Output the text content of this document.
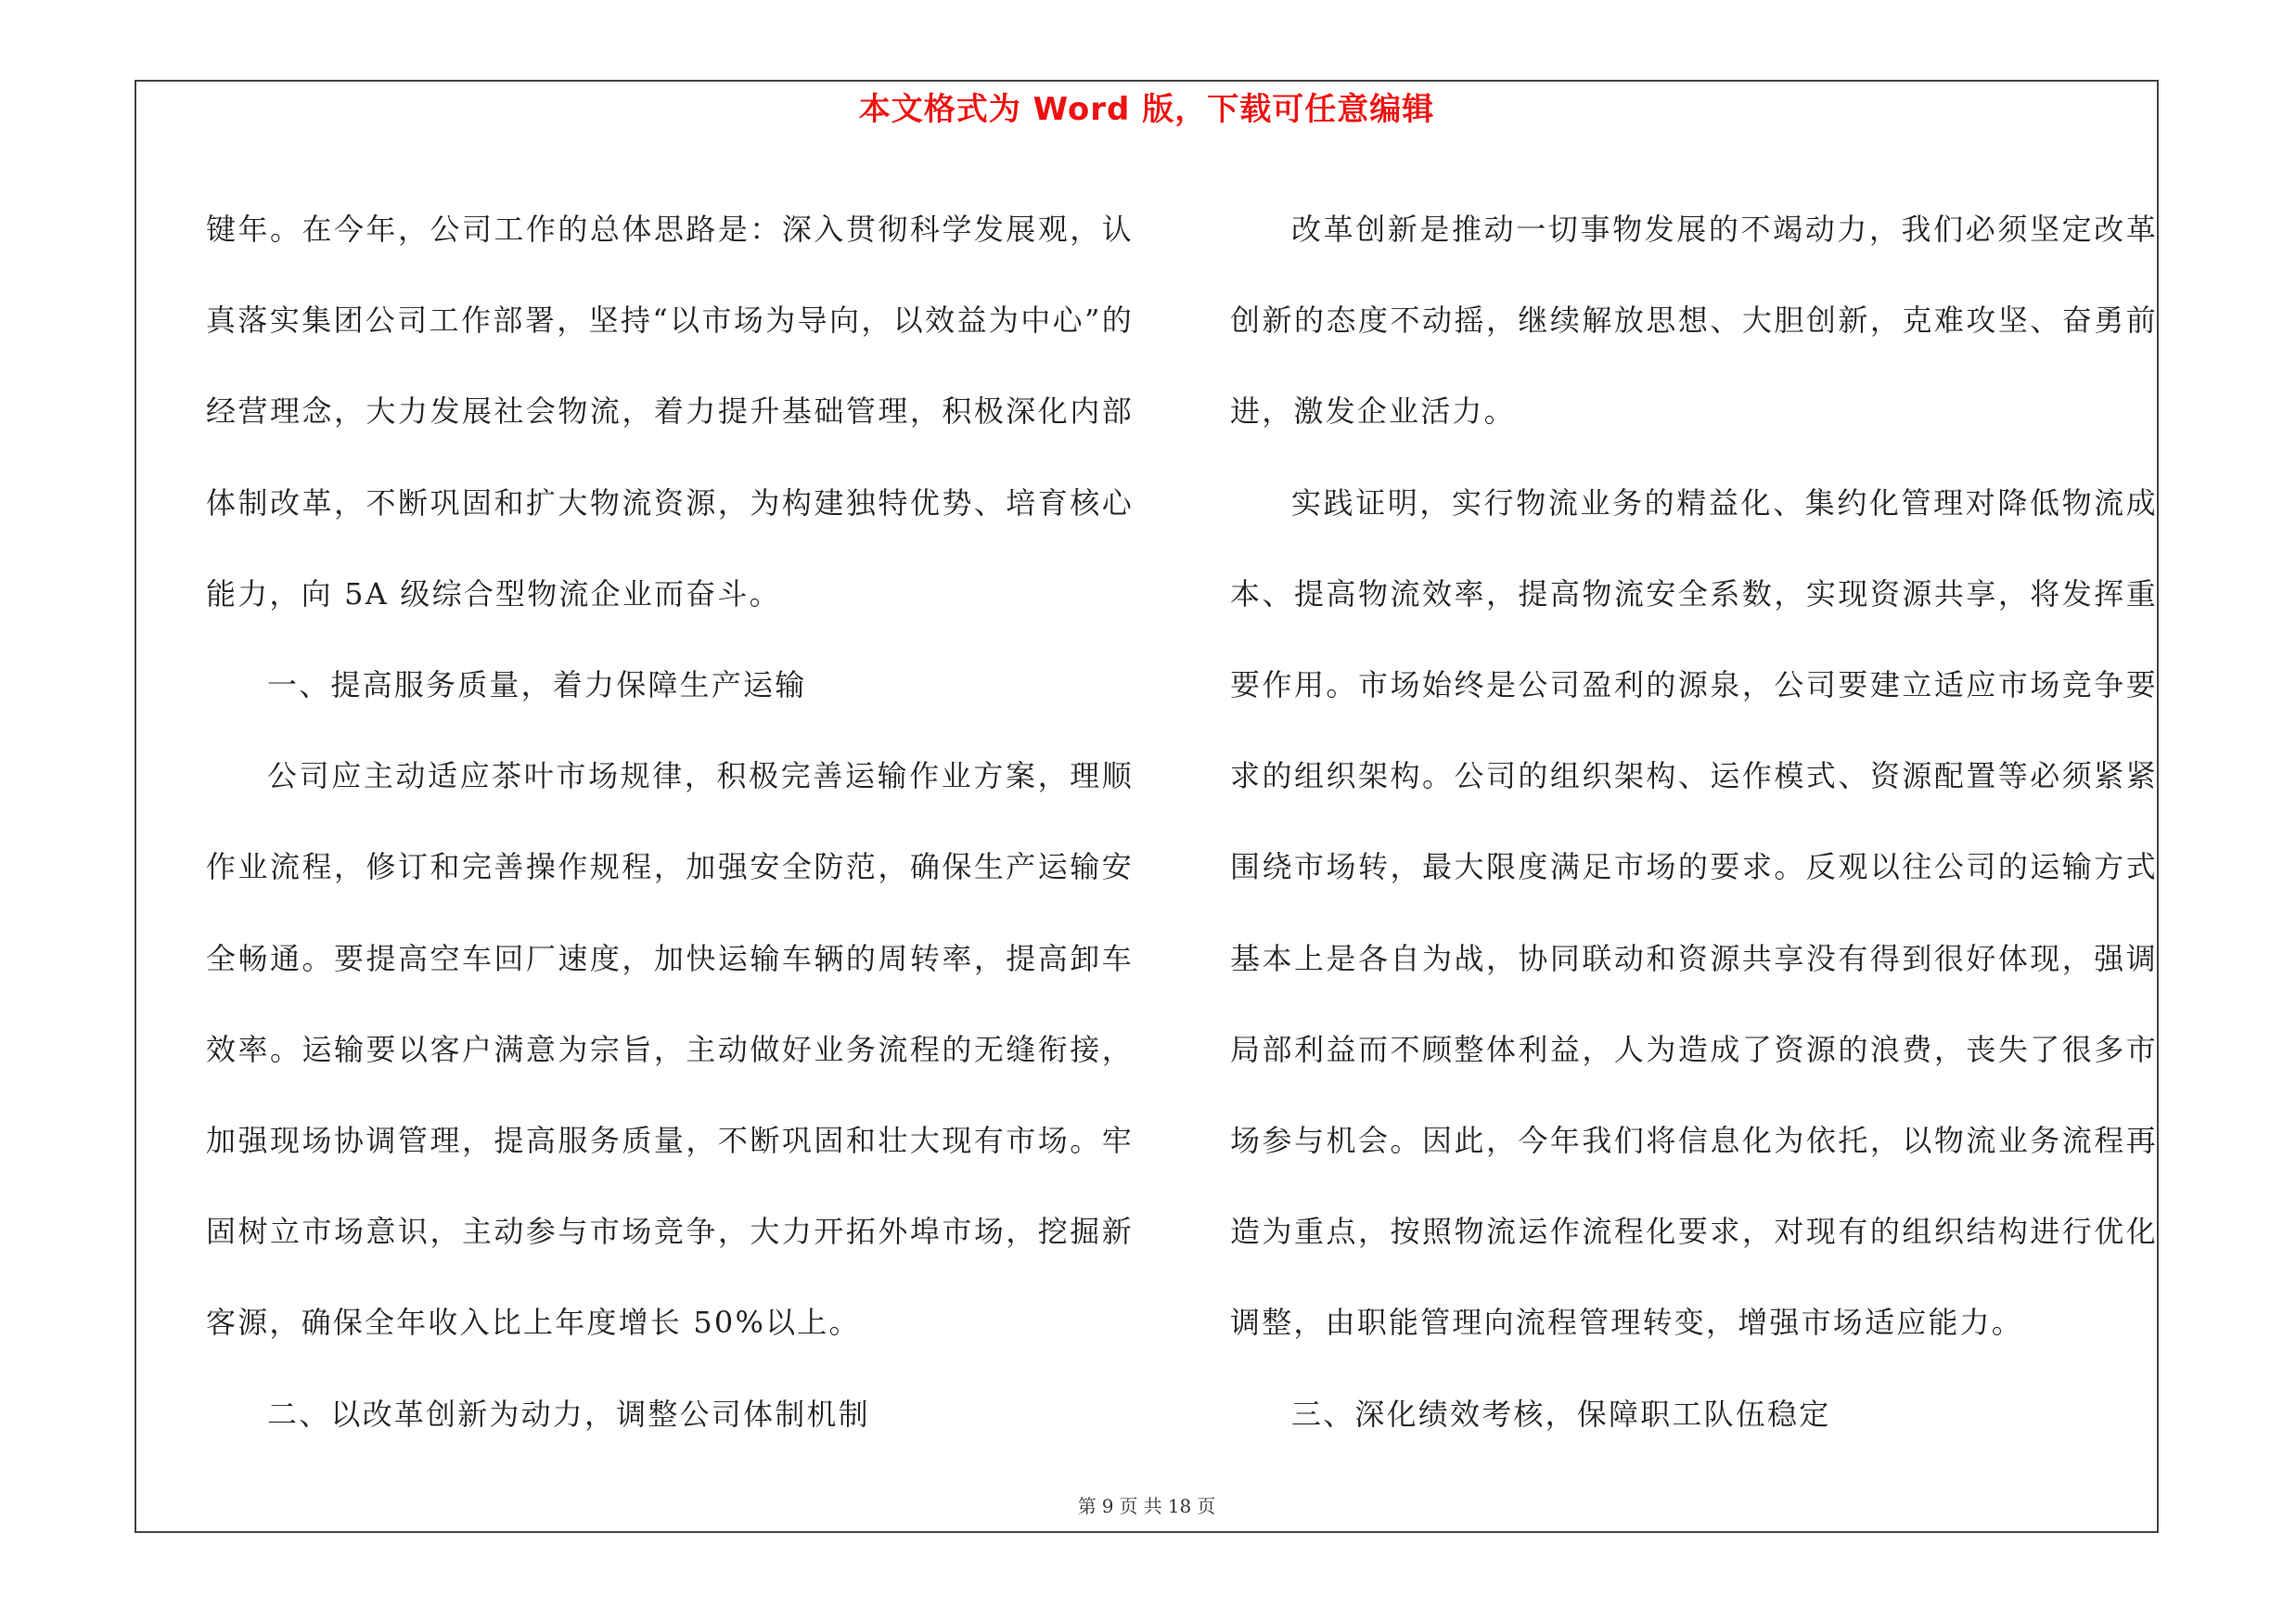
本文格式为 Word 版，下载可任意编辑

键年。在今年，公司工作的总体思路是：深入贯彻科学发展观，认真落实集团公司工作部署，坚持“以市场为导向，以效益为中心”的经营理念，大力发展社会物流，着力提升基础管理，积极深化内部体制改革，不断巩固和扩大物流资源，为构建独特优势、培育核心能力，向 5A 级综合型物流企业而奋斗。

一、提高服务质量，着力保障生产运输

公司应主动适应茶叶市场规律，积极完善运输作业方案，理顺作业流程，修订和完善操作规程，加强安全防范，确保生产运输安全畅通。要提高空车回厂速度，加快运输车辆的周转率，提高卸车效率。运输要以客户满意为宗旨，主动做好业务流程的无缝衔接，加强现场协调管理，提高服务质量，不断巩固和壮大现有市场。牢固树立市场意识，主动参与市场竞争，大力开拓外埠市场，挖掘新客源，确保全年收入比上年度增长 50%以上。

二、以改革创新为动力，调整公司体制机制

改革创新是推动一切事物发展的不竭动力，我们必须坚定改革创新的态度不动摇，继续解放思想、大胆创新，克难攻坚、奋勇前进，激发企业活力。

实践证明，实行物流业务的精益化、集约化管理对降低物流成本、提高物流效率，提高物流安全系数，实现资源共享，将发挥重要作用。市场始终是公司盈利的源泉，公司要建立适应市场竞争要求的组织架构。公司的组织架构、运作模式、资源配置等必须紧紧围绕市场转，最大限度满足市场的要求。反观以往公司的运输方式基本上是各自为战，协同联动和资源共享没有得到很好体现，强调局部利益而不顾整体利益，人为造成了资源的浪费，丧失了很多市场参与机会。因此，今年我们将信息化为依托，以物流业务流程再造为重点，按照物流运作流程化要求，对现有的组织结构进行优化调整，由职能管理向流程管理转变，增强市场适应能力。

三、深化绩效考核，保障职工队伍稳定

第 9 页 共 18 页
